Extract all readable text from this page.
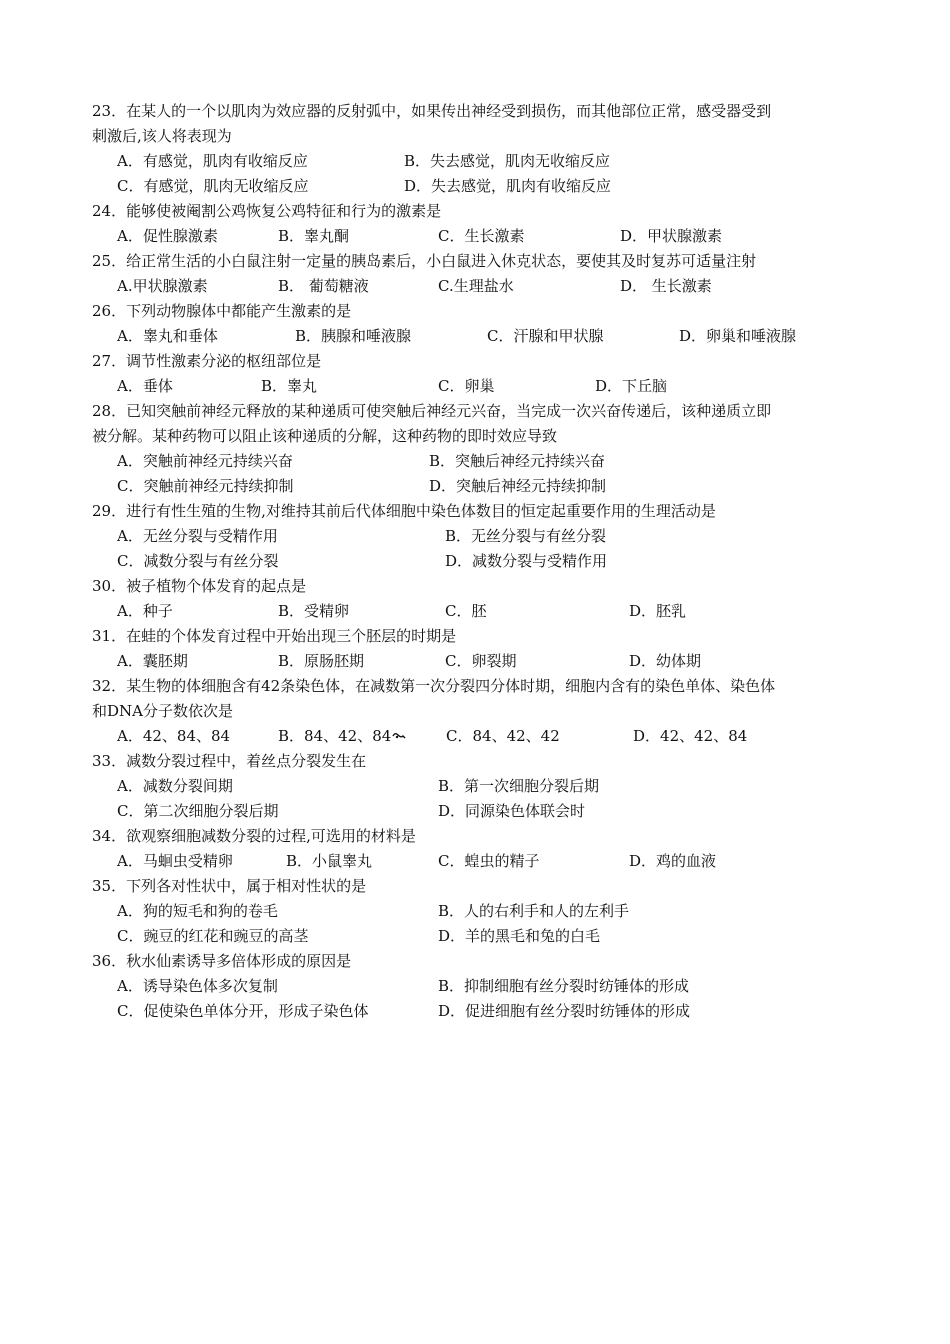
23．在某人的一个以肌肉为效应器的反射弧中，如果传出神经受到损伤，而其他部位正常，感受器受到
刺激后,该人将表现为
A．有感觉，肌肉有收缩反应	B．失去感觉，肌肉无收缩反应
C．有感觉，肌肉无收缩反应	D．失去感觉，肌肉有收缩反应
24．能够使被阉割公鸡恢复公鸡特征和行为的激素是
A．促性腺激素	B．睾丸酮	C．生长激素	D．甲状腺激素
25．给正常生活的小白鼠注射一定量的胰岛素后，小白鼠进入休克状态，要使其及时复苏可适量注射
A.甲状腺激素	B． 葡萄糖液	C.生理盐水	D． 生长激素
26．下列动物腺体中都能产生激素的是
A．睾丸和垂体	B．胰腺和唾液腺	C．汗腺和甲状腺	D．卵巢和唾液腺
27．调节性激素分泌的枢纽部位是
A．垂体	B．睾丸	C．卵巢	D．下丘脑
28．已知突触前神经元释放的某种递质可使突触后神经元兴奋，当完成一次兴奋传递后，该种递质立即
被分解。某种药物可以阻止该种递质的分解，这种药物的即时效应导致
A．突触前神经元持续兴奋	B．突触后神经元持续兴奋
C．突触前神经元持续抑制	D．突触后神经元持续抑制
29．进行有性生殖的生物,对维持其前后代体细胞中染色体数目的恒定起重要作用的生理活动是
A．无丝分裂与受精作用	B．无丝分裂与有丝分裂
C．减数分裂与有丝分裂	D．减数分裂与受精作用
30．被子植物个体发育的起点是
A．种子	B．受精卵	C．胚	D．胚乳
31．在蛙的个体发育过程中开始出现三个胚层的时期是
A．囊胚期	B．原肠胚期	C．卵裂期	D．幼体期
32．某生物的体细胞含有42条染色体，在减数第一次分裂四分体时期，细胞内含有的染色单体、染色体
和DNA分子数依次是
A．42、84、84	B．84、42、84	C．84、42、42	D．42、42、84
33．减数分裂过程中，着丝点分裂发生在
A．减数分裂间期	B．第一次细胞分裂后期
C．第二次细胞分裂后期	D．同源染色体联会时
34．欲观察细胞减数分裂的过程,可选用的材料是
A．马蛔虫受精卵	B．小鼠睾丸	C．蝗虫的精子	D．鸡的血液
35．下列各对性状中，属于相对性状的是
A．狗的短毛和狗的卷毛	B．人的右利手和人的左利手
C．豌豆的红花和豌豆的高茎	D．羊的黑毛和兔的白毛
36．秋水仙素诱导多倍体形成的原因是
A．诱导染色体多次复制	B．抑制细胞有丝分裂时纺锤体的形成
C．促使染色单体分开，形成子染色体	D．促进细胞有丝分裂时纺锤体的形成
